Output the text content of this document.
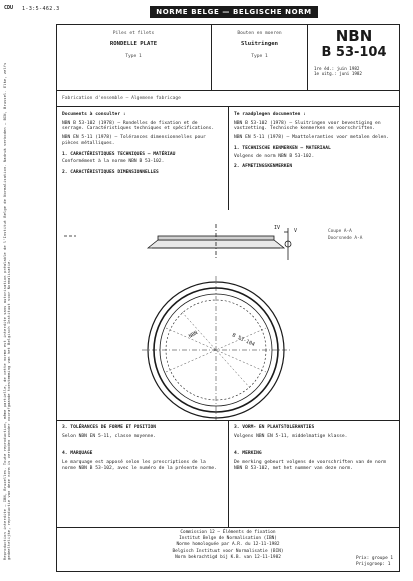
CDU	1-3:5-462.3	NORME BELGE — BELGISCHE NORM
Reproduction interdite — IBN, Bruxelles. Toute reproduction, même partielle, de cette norme est interdite sans autorisation préalable de l'Institut Belge de Normalisation. Nadruk verboden — BIN, Brussel. Elke, zelfs gedeeltelijke, reproductie van deze norm is verboden zonder voorafgaande toestemming van het Belgisch Instituut voor Normalisatie.
Piles et filets
RONDELLE PLATE
Type 1
Bouten en moeren
Sluitringen
Type 1
NBN
B 53-104
1re éd.: juin 1982
1e uitg.: juni 1982
Fabrication d'ensemble — Algemene fabricage
Documents à consulter :
NBN B 53-102 (1978) — Rondelles de fixation et de serrage. Caractéristiques techniques et spécifications.
NBN EN 5-11 (1978) — Tolérances dimensionnelles pour pièces métalliques.
1. CARACTÉRISTIQUES TECHNIQUES — MATÉRIAU
Conformément à la norme NBN B 53-102.
2. CARACTÉRISTIQUES DIMENSIONNELLES
Te raadplegen documenten :
NBN B 53-102 (1978) — Sluitringen voor bevestiging en vastzetting. Technische kenmerken en voorschriften.
NBN EN 5-11 (1978) — Maattoleranties voor metalen delen.
1. TECHNISCHE KENMERKEN — MATERIAAL
Volgens de norm NBN B 53-102.
2. AFMETINGSKENMERKEN
IV	V	Coupe A-A
Doorsnede A-A
NBN	B 53-104
3. TOLÉRANCES DE FORME ET POSITION
Selon NBN EN 5-11, classe moyenne.
4. MARQUAGE
Le marquage est apposé selon les prescriptions de la norme NBN B 53-102, avec le numéro de la présente norme.
3. VORM- EN PLAATSTOLERANTIES
Volgens NBN EN 5-11, middelmatige klasse.
4. MERKING
De merking gebeurt volgens de voorschriften van de norm NBN B 53-102, met het nummer van deze norm.
Commission 12 — Éléments de fixation
Institut Belge de Normalisation (IBN)
Norme homologuée par A.R. du 12-11-1982
Belgisch Instituut voor Normalisatie (BIN)
Norm bekrachtigd bij K.B. van 12-11-1982	Prix: groupe 1
Prijsgroep: 1
